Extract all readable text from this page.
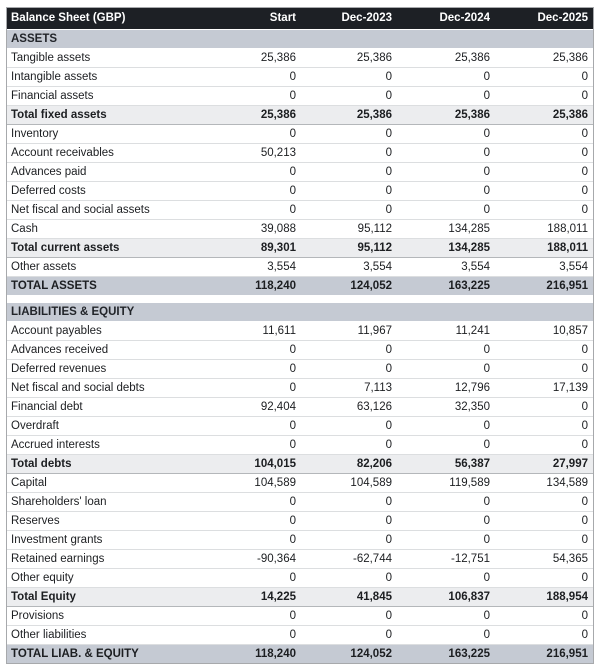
Balance Sheet (GBP)	Start	Dec-2023	Dec-2024	Dec-2025
ASSETS				
Tangible assets	25,386	25,386	25,386	25,386
Intangible assets	0	0	0	0
Financial assets	0	0	0	0
Total fixed assets	25,386	25,386	25,386	25,386
Inventory	0	0	0	0
Account receivables	50,213	0	0	0
Advances paid	0	0	0	0
Deferred costs	0	0	0	0
Net fiscal and social assets	0	0	0	0
Cash	39,088	95,112	134,285	188,011
Total current assets	89,301	95,112	134,285	188,011
Other assets	3,554	3,554	3,554	3,554
TOTAL ASSETS	118,240	124,052	163,225	216,951

LIABILITIES & EQUITY				
Account payables	11,611	11,967	11,241	10,857
Advances received	0	0	0	0
Deferred revenues	0	0	0	0
Net fiscal and social debts	0	7,113	12,796	17,139
Financial debt	92,404	63,126	32,350	0
Overdraft	0	0	0	0
Accrued interests	0	0	0	0
Total debts	104,015	82,206	56,387	27,997
Capital	104,589	104,589	119,589	134,589
Shareholders' loan	0	0	0	0
Reserves	0	0	0	0
Investment grants	0	0	0	0
Retained earnings	-90,364	-62,744	-12,751	54,365
Other equity	0	0	0	0
Total Equity	14,225	41,845	106,837	188,954
Provisions	0	0	0	0
Other liabilities	0	0	0	0
TOTAL LIAB. & EQUITY	118,240	124,052	163,225	216,951
